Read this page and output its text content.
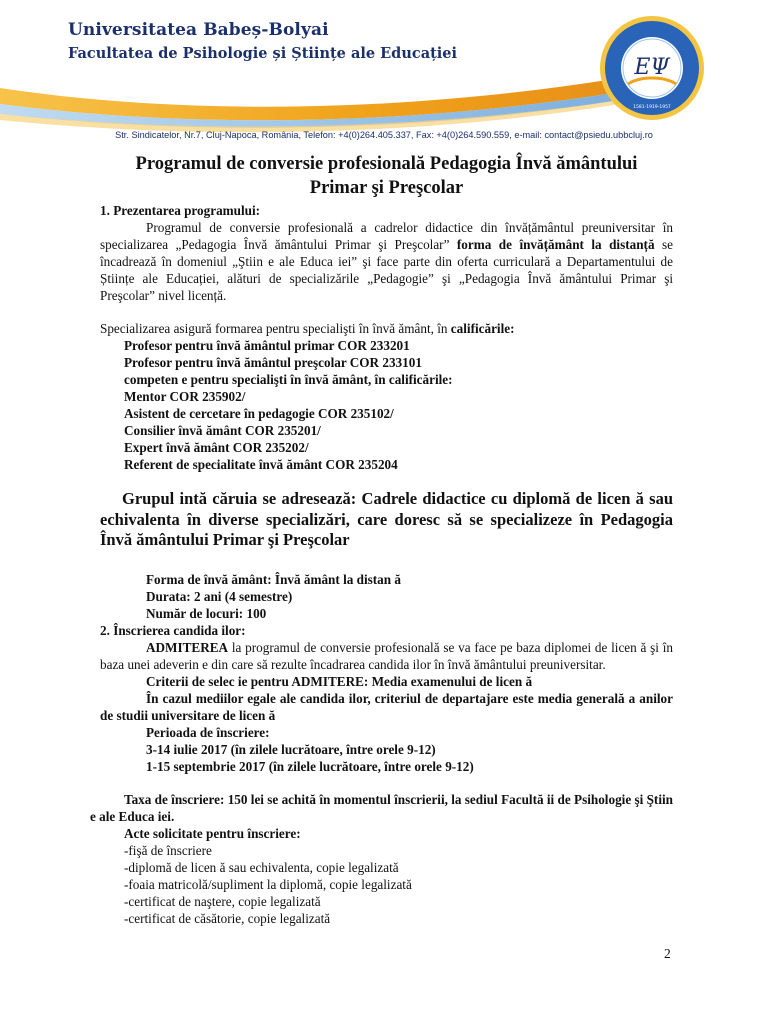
Universitatea Babeș-Bolyai
Facultatea de Psihologie și Științe ale Educației
EΨ
1581-1919-1957
Str. Sindicatelor, Nr.7, Cluj-Napoca, România, Telefon: +4(0)264.405.337, Fax: +4(0)264.590.559, e-mail: contact@psiedu.ubbcluj.ro
Programul de conversie profesională Pedagogia Învă ământului
Primar şi Preşcolar

1. Prezentarea programului:

Programul de conversie profesională a cadrelor didactice din învățământul preuniversitar în specializarea „Pedagogia Învă ământului Primar şi Preşcolar” forma de învățământ la distanță se încadrează în domeniul „Ştiin e ale Educa iei” şi face parte din oferta curriculară a Departamentului de Științe ale Educației, alături de specializările „Pedagogie” şi „Pedagogia Învă ământului Primar şi Preşcolar” nivel licență.

Specializarea asigură formarea pentru specialişti în învă ământ, în calificările:

Profesor pentru învă ământul primar COR 233201

Profesor pentru învă ământul preşcolar COR 233101

competen e pentru specialişti în învă ământ, în calificările:

Mentor COR 235902/

Asistent de cercetare în pedagogie COR 235102/

Consilier învă ământ COR 235201/

Expert învă ământ COR 235202/

Referent de specialitate învă ământ COR 235204

Grupul intă căruia se adresează: Cadrele didactice cu diplomă de licen ă sau echivalenta în diverse specializări, care doresc să se specializeze în Pedagogia Învă ământului Primar şi Preşcolar

Forma de învă ământ: Învă ământ la distan ă

Durata: 2 ani (4 semestre)

Număr de locuri: 100

2. Înscrierea candida ilor:

ADMITEREA la programul de conversie profesională se va face pe baza diplomei de licen ă şi în baza unei adeverin e din care să rezulte încadrarea candida ilor în învă ământului preuniversitar.

Criterii de selec ie pentru ADMITERE: Media examenului de licen ă

În cazul mediilor egale ale candida ilor, criteriul de departajare este media generală a anilor de studii universitare de licen ă

Perioada de înscriere:

3-14 iulie 2017 (în zilele lucrătoare, între orele 9-12)

1-15 septembrie 2017 (în zilele lucrătoare, între orele 9-12)

Taxa de înscriere: 150 lei se achită în momentul înscrierii, la sediul Facultă ii de Psihologie şi Ştiin e ale Educa iei.

Acte solicitate pentru înscriere:

-fişă de înscriere

-diplomă de licen ă sau echivalenta, copie legalizată

-foaia matricolă/supliment la diplomă, copie legalizată

-certificat de naştere, copie legalizată

-certificat de căsătorie, copie legalizată

2
